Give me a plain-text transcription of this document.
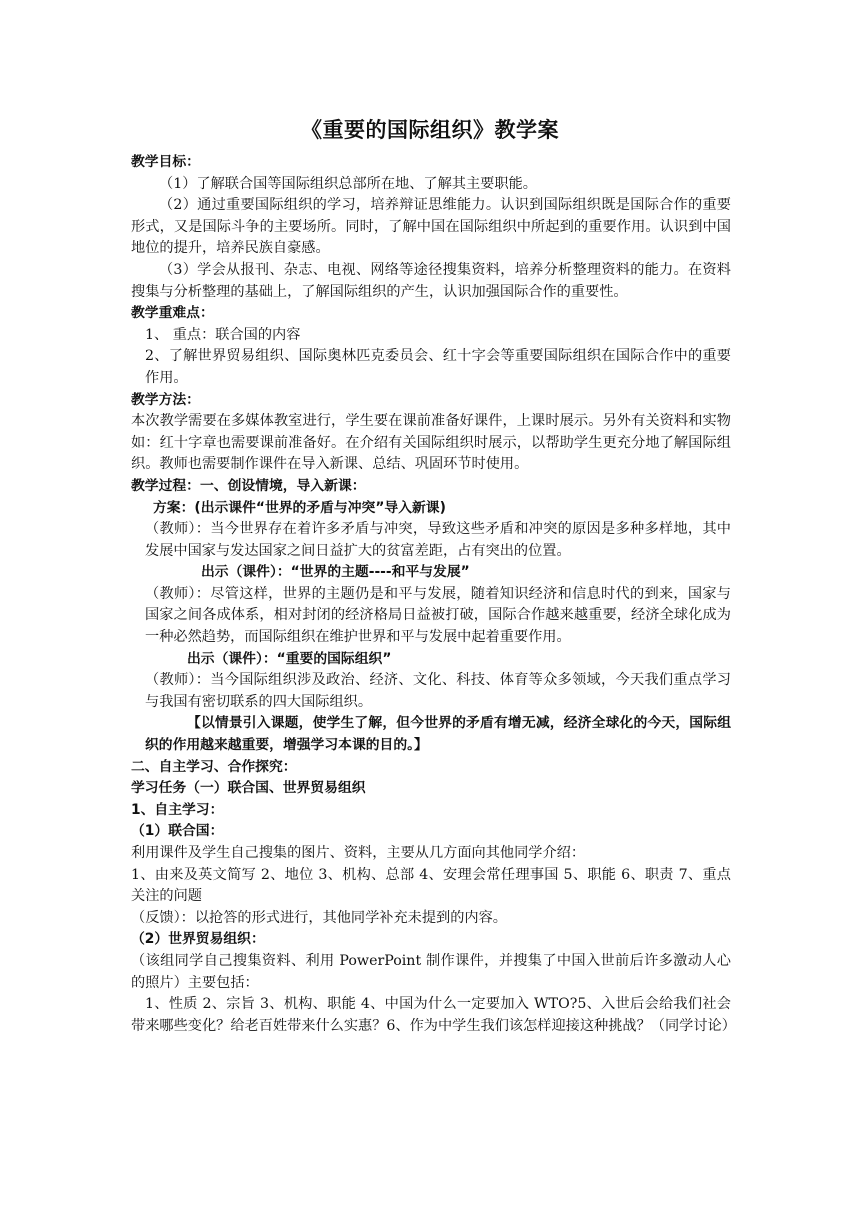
《重要的国际组织》教学案

教学目标：

（1）了解联合国等国际组织总部所在地、了解其主要职能。

（2）通过重要国际组织的学习，培养辩证思维能力。认识到国际组织既是国际合作的重要形式，又是国际斗争的主要场所。同时，了解中国在国际组织中所起到的重要作用。认识到中国地位的提升，培养民族自豪感。

（3）学会从报刊、杂志、电视、网络等途径搜集资料，培养分析整理资料的能力。在资料搜集与分析整理的基础上，了解国际组织的产生，认识加强国际合作的重要性。

教学重难点：

1、 重点：联合国的内容

2、了解世界贸易组织、国际奥林匹克委员会、红十字会等重要国际组织在国际合作中的重要作用。

教学方法：

本次教学需要在多媒体教室进行，学生要在课前准备好课件，上课时展示。另外有关资料和实物如：红十字章也需要课前准备好。在介绍有关国际组织时展示，以帮助学生更充分地了解国际组织。教师也需要制作课件在导入新课、总结、巩固环节时使用。

教学过程：一、创设情境，导入新课：

方案：(出示课件“世界的矛盾与冲突”导入新课)

（教师）：当今世界存在着许多矛盾与冲突，导致这些矛盾和冲突的原因是多种多样地，其中发展中国家与发达国家之间日益扩大的贫富差距，占有突出的位置。

出示（课件）：“世界的主题----和平与发展”

（教师）：尽管这样，世界的主题仍是和平与发展，随着知识经济和信息时代的到来，国家与国家之间各成体系，相对封闭的经济格局日益被打破，国际合作越来越重要，经济全球化成为一种必然趋势，而国际组织在维护世界和平与发展中起着重要作用。

出示（课件）：“重要的国际组织”

（教师）：当今国际组织涉及政治、经济、文化、科技、体育等众多领域，今天我们重点学习与我国有密切联系的四大国际组织。

【以情景引入课题，使学生了解，但今世界的矛盾有增无减，经济全球化的今天，国际组织的作用越来越重要，增强学习本课的目的。】

二、自主学习、合作探究：

学习任务（一）联合国、世界贸易组织

1、自主学习：

（1）联合国：

利用课件及学生自己搜集的图片、资料，主要从几方面向其他同学介绍：

1、由来及英文简写 2、地位 3、机构、总部 4、安理会常任理事国 5、职能 6、职责 7、重点关注的问题

（反馈）：以抢答的形式进行，其他同学补充未提到的内容。

（2）世界贸易组织：

（该组同学自己搜集资料、利用 PowerPoint 制作课件，并搜集了中国入世前后许多激动人心的照片）主要包括：

1、性质 2、宗旨 3、机构、职能 4、中国为什么一定要加入 WTO?5、入世后会给我们社会带来哪些变化？给老百姓带来什么实惠？6、作为中学生我们该怎样迎接这种挑战？（同学讨论）
